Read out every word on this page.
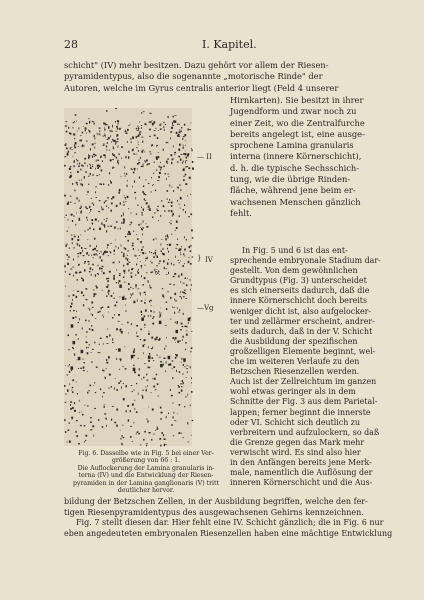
28	I. Kapitel.
schicht" (IV) mehr besitzen. Dazu gehört vor allem der Riesen-
pyramidentypus, also die sogenannte „motorische Rinde" der
Autoren, welche im Gyrus centralis anterior liegt (Feld 4 unserer
Hirnkarten). Sie besitzt in ihrer
Jugendform und zwar noch zu
einer Zeit, wo die Zentralfurche
bereits angelegt ist, eine ausge-
sprochene Lamina granularis
interna (innere Körnerschicht),
d. h. die typische Sechsschich-
tung, wie die übrige Rinden-
fläche, während jene beim er-
wachsenen Menschen gänzlich
fehlt.
In Fig. 5 und 6 ist das ent-
sprechende embryonale Stadium dar-
gestellt. Von dem gewöhnlichen
Grundtypus (Fig. 3) unterscheidet
es sich einerseits dadurch, daß die
innere Körnerschicht doch bereits
weniger dicht ist, also aufgelocker-
ter und zellärmer erscheint, andrer-
seits dadurch, daß in der V. Schicht
die Ausbildung der spezifischen
großzelligen Elemente beginnt, wel-
che im weiteren Verlaufe zu den
Betzschen Riesenzellen werden.
Auch ist der Zellreichtum im ganzen
wohl etwas geringer als in dem
Schnitte der Fig. 3 aus dem Parietal-
lappen; ferner beginnt die innerste
oder VI. Schicht sich deutlich zu
verbreitern und aufzulockern, so daß
die Grenze gegen das Mark mehr
verwischt wird. Es sind also hier
in den Anfängen bereits jene Merk-
male, namentlich die Auflösung der
inneren Körnerschicht und die Aus-
— II
} IV
—Vg
Fig. 6. Dasselbe wie in Fig. 5 bei einer Ver-
größerung von 66 : 1.
Die Auflockerung der Lamina granularis in-
terna (IV) und die Entwicklung der Riesen-
pyramiden in der Lamina ganglionaris (V) tritt
deutlicher hervor.
bildung der Betzschen Zellen, in der Ausbildung begriffen, welche den fer-
tigen Riesenpyramidentypus des ausgewachsenen Gehirns kennzeichnen.
Fig. 7 stellt diesen dar. Hier fehlt eine IV. Schicht gänzlich; die in Fig. 6 nur
eben angedeuteten embryonalen Riesenzellen haben eine mächtige Entwicklung
